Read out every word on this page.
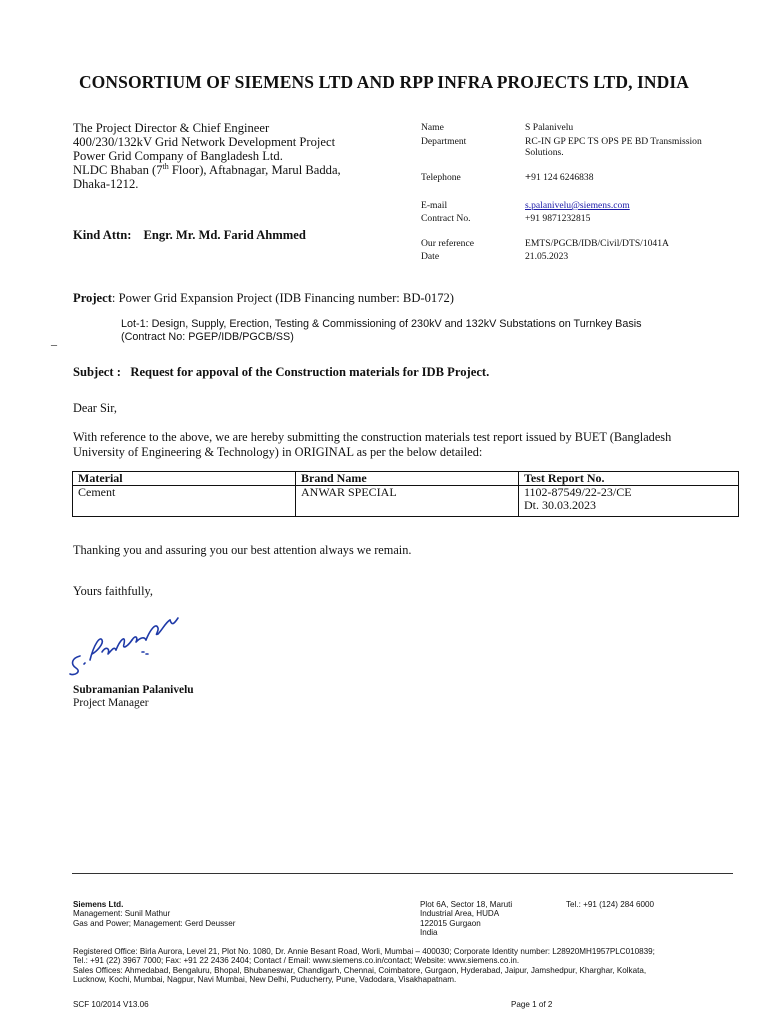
CONSORTIUM OF SIEMENS LTD AND RPP INFRA PROJECTS LTD, INDIA
The Project Director & Chief Engineer
400/230/132kV Grid Network Development Project
Power Grid Company of Bangladesh Ltd.
NLDC Bhaban (7th Floor), Aftabnagar, Marul Badda,
Dhaka-1212.
Kind Attn: Engr. Mr. Md. Farid Ahmmed
Name	S Palanivelu
Department	RC-IN GP EPC TS OPS PE BD Transmission Solutions.
Telephone	+91 124 6246838
E-mail	s.palanivelu@siemens.com
Contract No.	+91 9871232815
Our reference	EMTS/PGCB/IDB/Civil/DTS/1041A
Date	21.05.2023
Project: Power Grid Expansion Project (IDB Financing number: BD-0172)
Lot-1: Design, Supply, Erection, Testing & Commissioning of 230kV and 132kV Substations on Turnkey Basis
(Contract No: PGEP/IDB/PGCB/SS)
_
Subject : Request for appoval of the Construction materials for IDB Project.
Dear Sir,
With reference to the above, we are hereby submitting the construction materials test report issued by BUET (Bangladesh
University of Engineering & Technology) in ORIGINAL as per the below detailed:
Material	Brand Name	Test Report No.
Cement	ANWAR SPECIAL	1102-87549/22-23/CE
Dt. 30.03.2023
Thanking you and assuring you our best attention always we remain.
Yours faithfully,
Subramanian Palanivelu
Project Manager
Siemens Ltd.
Management: Sunil Mathur
Gas and Power; Management: Gerd Deusser
Plot 6A, Sector 18, Maruti
Industrial Area, HUDA
122015 Gurgaon
India
Tel.: +91 (124) 284 6000
Registered Office: Birla Aurora, Level 21, Plot No. 1080, Dr. Annie Besant Road, Worli, Mumbai – 400030; Corporate Identity number: L28920MH1957PLC010839;
Tel.: +91 (22) 3967 7000; Fax: +91 22 2436 2404; Contact / Email: www.siemens.co.in/contact; Website: www.siemens.co.in.
Sales Offices: Ahmedabad, Bengaluru, Bhopal, Bhubaneswar, Chandigarh, Chennai, Coimbatore, Gurgaon, Hyderabad, Jaipur, Jamshedpur, Kharghar, Kolkata,
Lucknow, Kochi, Mumbai, Nagpur, Navi Mumbai, New Delhi, Puducherry, Pune, Vadodara, Visakhapatnam.
SCF 10/2014 V13.06	Page 1 of 2
